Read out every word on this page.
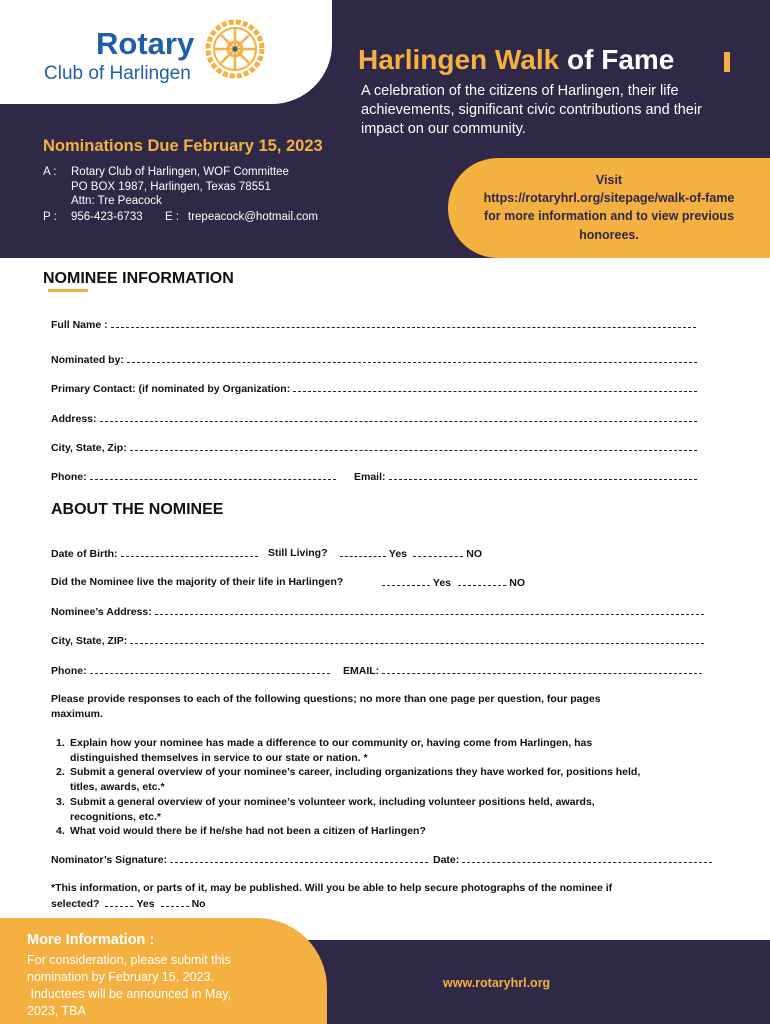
Rotary
Club of Harlingen	Harlingen Walk of Fame
A celebration of the citizens of Harlingen, their life achievements, significant civic contributions and their impact on our community.
Nominations Due February 15, 2023
A : Rotary Club of Harlingen, WOF Committee
PO BOX 1987, Harlingen, Texas 78551
Attn: Tre Peacock
P : 956-423-6733 E : trepeacock@hotmail.com
Visit
https://rotaryhrl.org/sitepage/walk-of-fame
for more information and to view previous
honorees.
NOMINEE INFORMATION
Full Name :
Nominated by:
Primary Contact: (if nominated by Organization:
Address:
City, State, Zip:
Phone:	Email:
ABOUT THE NOMINEE
Date of Birth:	Still Living?	Yes	NO
Did the Nominee live the majority of their life in Harlingen?	Yes	NO
Nominee’s Address:
City, State, ZIP:
Phone:	EMAIL:
Please provide responses to each of the following questions; no more than one page per question, four pages
maximum.
1. Explain how your nominee has made a difference to our community or, having come from Harlingen, has
distinguished themselves in service to our state or nation. *
2. Submit a general overview of your nominee’s career, including organizations they have worked for, positions held,
titles, awards, etc.*
3. Submit a general overview of your nominee’s volunteer work, including volunteer positions held, awards,
recognitions, etc.*
4. What void would there be if he/she had not been a citizen of Harlingen?
Nominator’s Signature:	Date:
*This information, or parts of it, may be published. Will you be able to help secure photographs of the nominee if
selected?	Yes	No
More Information :
For consideration, please submit this
nomination by February 15, 2023.
Inductees will be announced in May,
2023, TBA
www.rotaryhrl.org
